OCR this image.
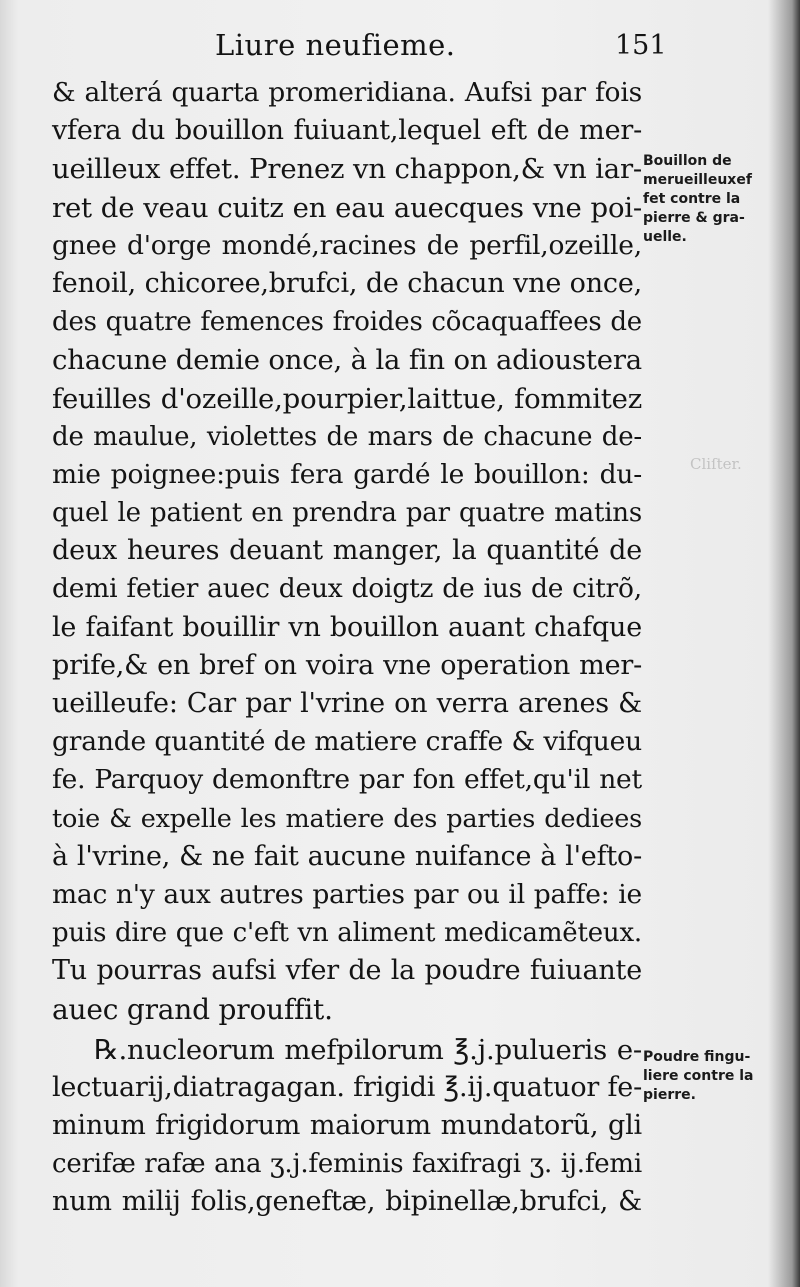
Liure neufieme.	151
& alterá quarta promeridiana. Aufsi par fois
vfera du bouillon fuiuant,lequel eft de mer-
ueilleux effet. Prenez vn chappon,& vn iar-
ret de veau cuitz en eau auecques vne poi-
gnee d'orge mondé,racines de perfil,ozeille,
fenoil, chicoree,brufci, de chacun vne once,
des quatre femences froides cõcaquaffees de
chacune demie once, à la fin on adioustera
feuilles d'ozeille,pourpier,laittue, fommitez
de maulue, violettes de mars de chacune de-
mie poignee:puis fera gardé le bouillon: du-
quel le patient en prendra par quatre matins
deux heures deuant manger, la quantité de
demi fetier auec deux doigtz de ius de citrõ,
le faifant bouillir vn bouillon auant chafque
prife,& en bref on voira vne operation mer-
ueilleufe: Car par l'vrine on verra arenes &
grande quantité de matiere craffe & vifqueu
fe. Parquoy demonftre par fon effet,qu'il net
toie & expelle les matiere des parties dediees
à l'vrine, & ne fait aucune nuifance à l'efto-
mac n'y aux autres parties par ou il paffe: ie
puis dire que c'eft vn aliment medicamẽteux.
Tu pourras aufsi vfer de la poudre fuiuante
auec grand prouffit.
℞.nucleorum mefpilorum ℥.j.pulueris e-
lectuarij,diatragagan. frigidi ℥.ij.quatuor fe-
minum frigidorum maiorum mundatorũ, gli
cerifæ rafæ ana ʒ.j.feminis faxifragi ʒ. ij.femi
num milij folis,geneftæ, bipinellæ,brufci, &
Bouillon de
merueilleuxef
fet contre la
pierre & gra-
uelle.
Poudre fingu-
liere contre la
pierre.
Cliſter.
